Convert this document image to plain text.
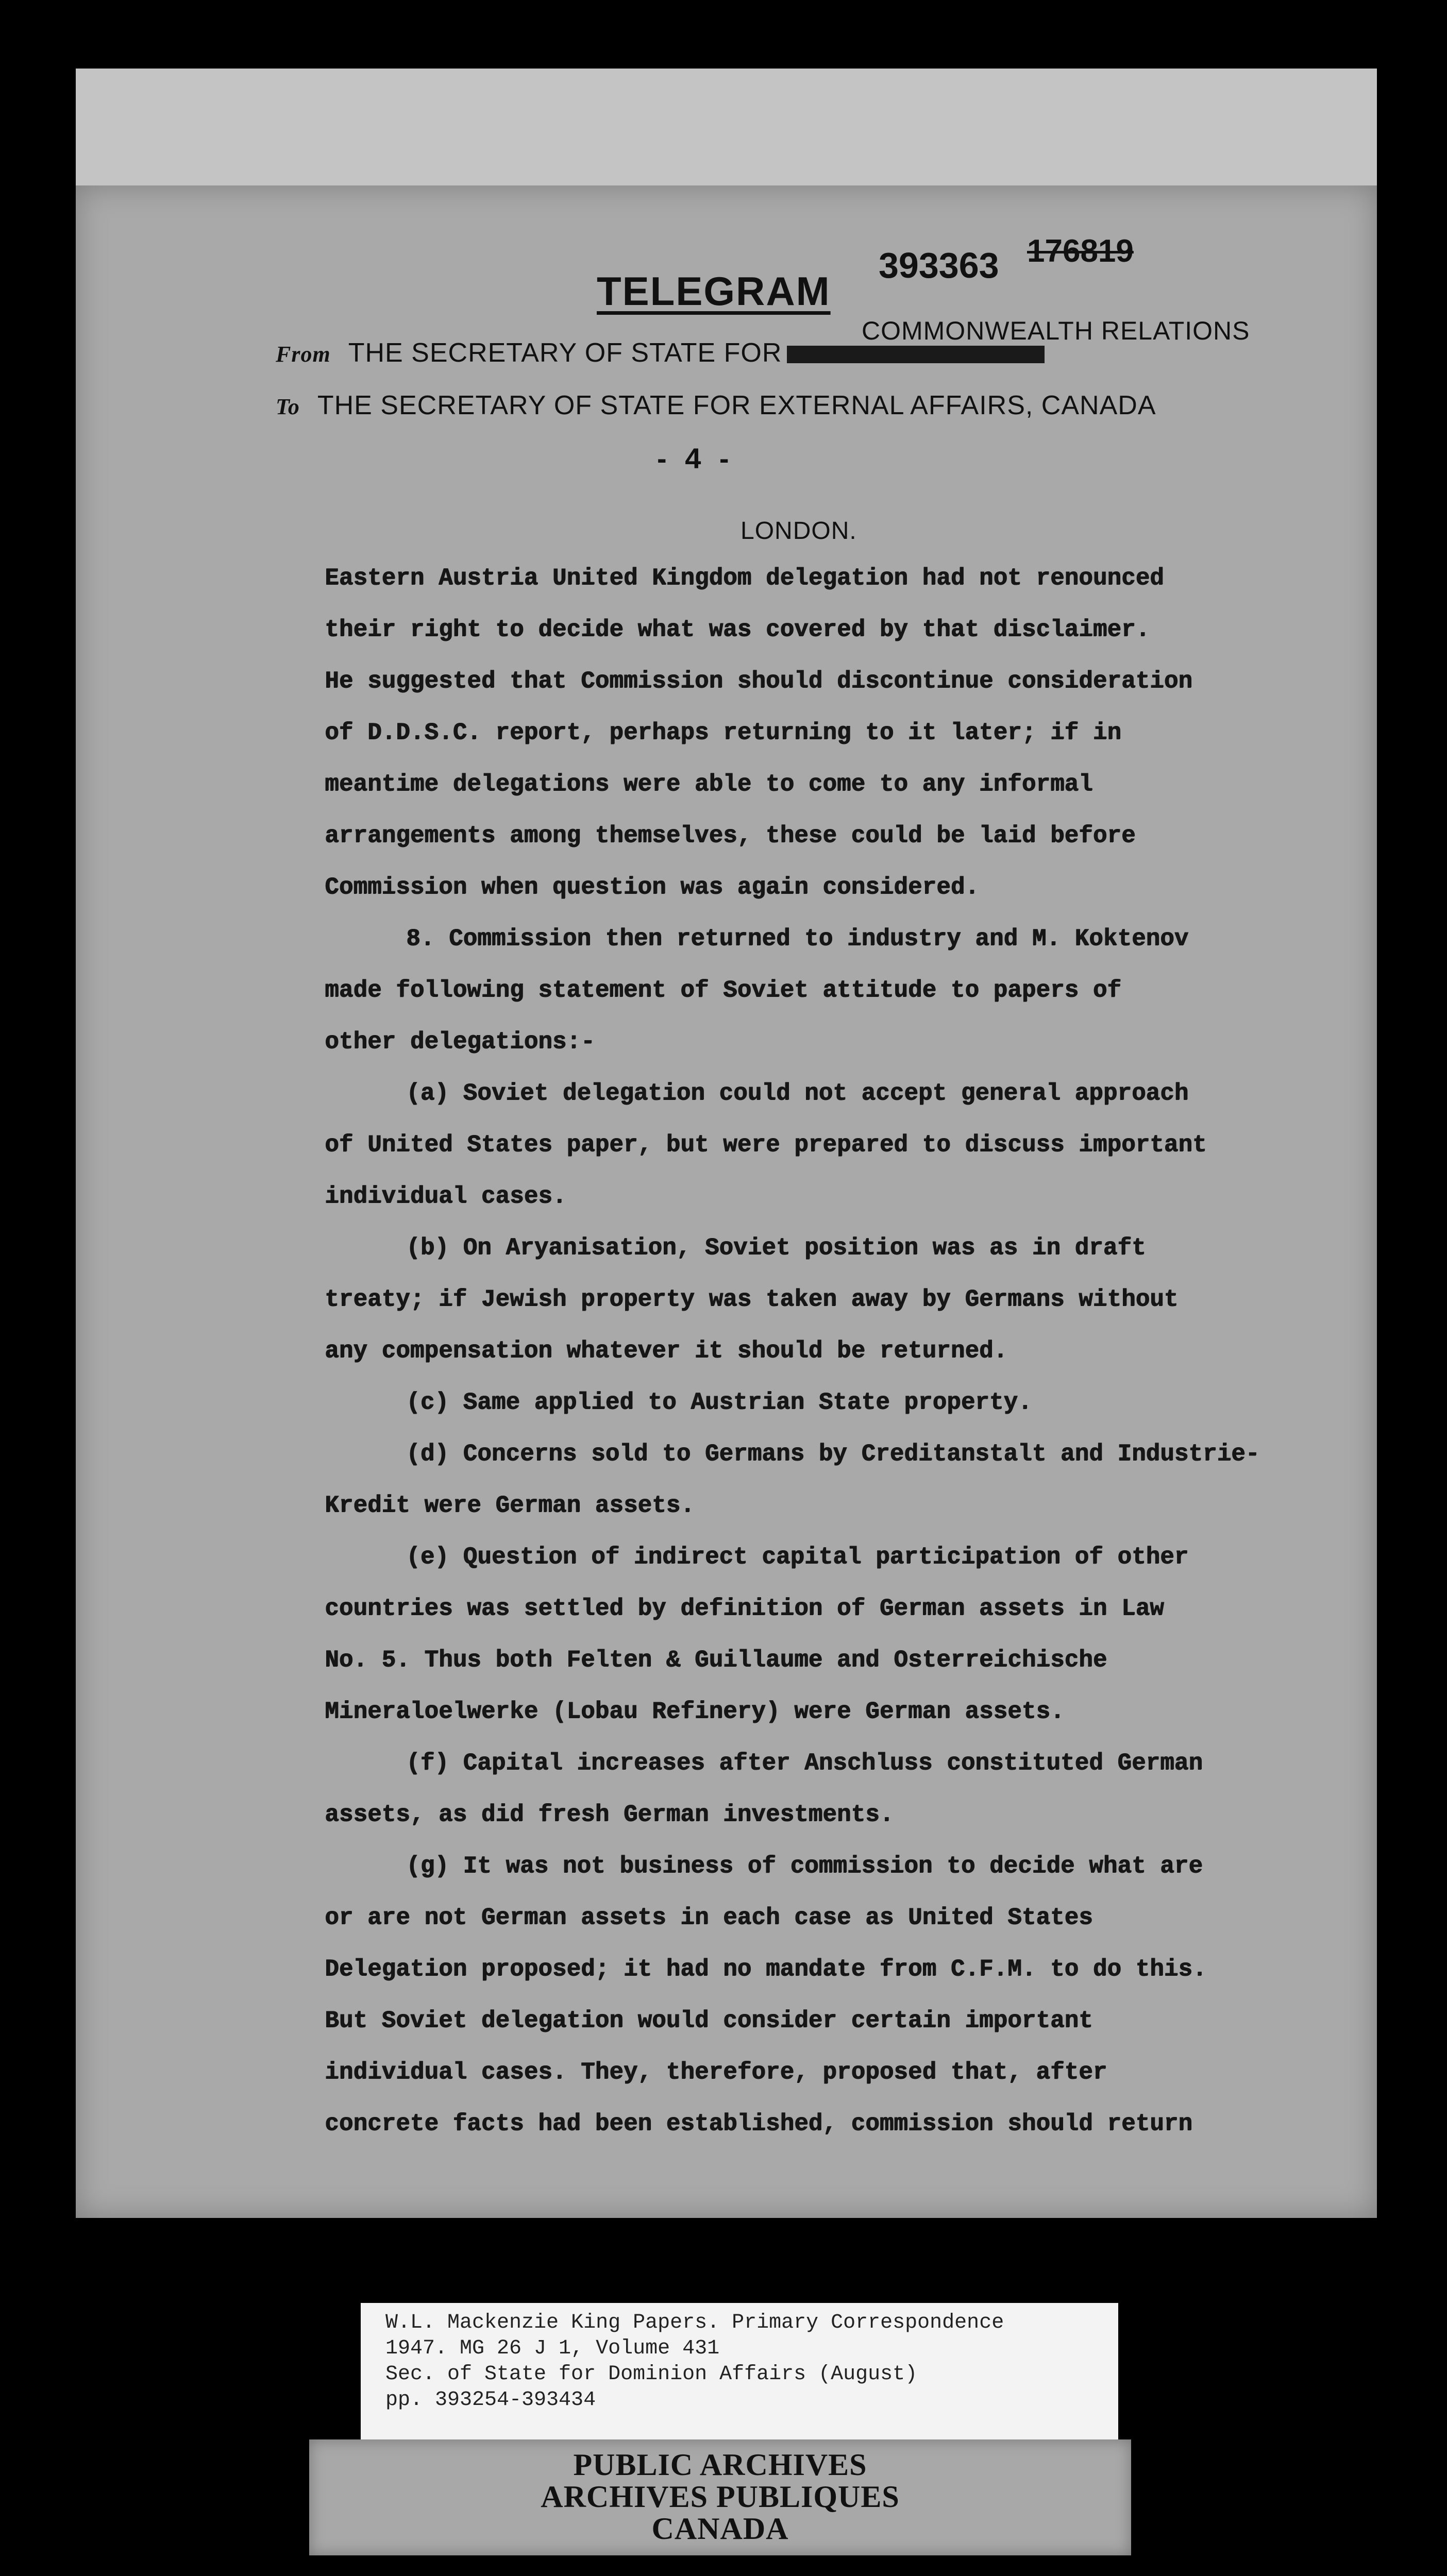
TELEGRAM
393363 176819
COMMONWEALTH RELATIONS
From THE SECRETARY OF STATE FOR
To THE SECRETARY OF STATE FOR EXTERNAL AFFAIRS, CANADA
- 4 -
LONDON.

Eastern Austria United Kingdom delegation had not renounced

their right to decide what was covered by that disclaimer.

He suggested that Commission should discontinue consideration

of D.D.S.C. report, perhaps returning to it later; if in

meantime delegations were able to come to any informal

arrangements among themselves, these could be laid before

Commission when question was again considered.

8. Commission then returned to industry and M. Koktenov

made following statement of Soviet attitude to papers of

other delegations:-

(a) Soviet delegation could not accept general approach

of United States paper, but were prepared to discuss important

individual cases.

(b) On Aryanisation, Soviet position was as in draft

treaty; if Jewish property was taken away by Germans without

any compensation whatever it should be returned.

(c) Same applied to Austrian State property.

(d) Concerns sold to Germans by Creditanstalt and Industrie-

Kredit were German assets.

(e) Question of indirect capital participation of other

countries was settled by definition of German assets in Law

No. 5. Thus both Felten & Guillaume and Osterreichische

Mineraloelwerke (Lobau Refinery) were German assets.

(f) Capital increases after Anschluss constituted German

assets, as did fresh German investments.

(g) It was not business of commission to decide what are

or are not German assets in each case as United States

Delegation proposed; it had no mandate from C.F.M. to do this.

But Soviet delegation would consider certain important

individual cases. They, therefore, proposed that, after

concrete facts had been established, commission should return

W.L. Mackenzie King Papers. Primary Correspondence

1947. MG 26 J 1, Volume 431

Sec. of State for Dominion Affairs (August)

pp. 393254-393434

PUBLIC ARCHIVES

ARCHIVES PUBLIQUES

CANADA
